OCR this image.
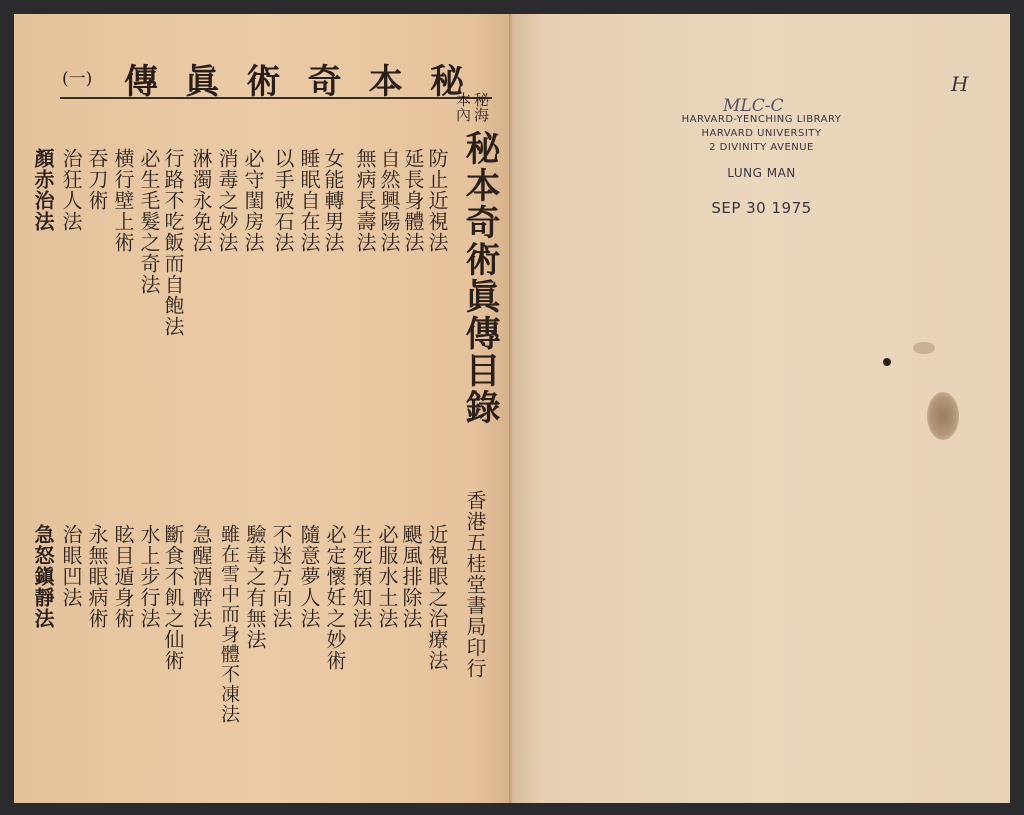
(一) 傳 眞 術 奇 本 秘
秘海
本內
秘本奇術眞傳目錄
香港五桂堂書局印行
防止近視法
延長身體法
自然興陽法
無病長壽法
女能轉男法
睡眠自在法
以手破石法
必守閨房法
消毒之妙法
淋濁永免法
行路不吃飯而自飽法
必生毛髮之奇法
横行壁上術
吞刀術
治狂人法
顏赤治法
近視眼之治療法
颶風排除法
必服水土法
生死預知法
必定懷妊之妙術
隨意夢人法
不迷方向法
驗毒之有無法
雖在雪中而身體不凍法
急醒酒醉法
斷食不飢之仙術
水上步行法
眩目遁身術
永無眼病術
治眼凹法
急怒鎭靜法
MLC-C
H
HARVARD-YENCHING LIBRARY
HARVARD UNIVERSITY
2 DIVINITY AVENUE
LUNG MAN
SEP 30 1975
